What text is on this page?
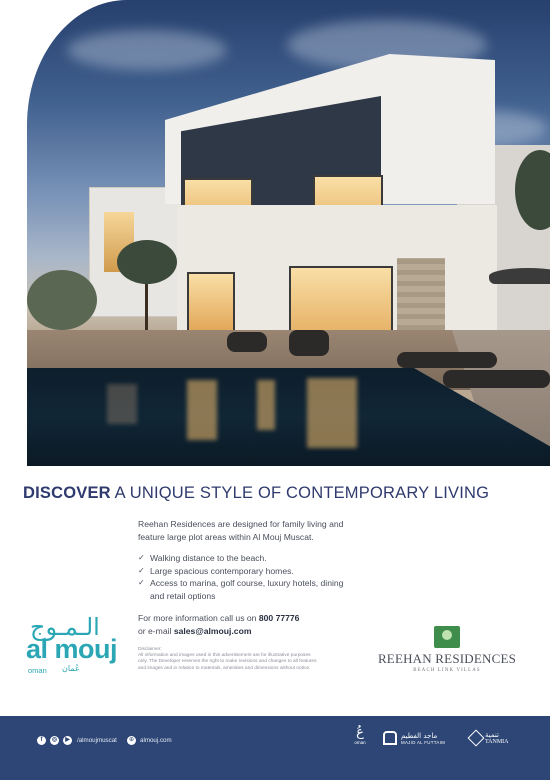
DISCOVER A UNIQUE STYLE OF CONTEMPORARY LIVING
Reehan Residences are designed for family living and
feature large plot areas within Al Mouj Muscat.
✓ Walking distance to the beach.
✓ Large spacious contemporary homes.
✓ Access to marina, golf course, luxury hotels, dining
and retail options
For more information call us on 800 77776
or e-mail sales@almouj.com
Disclaimer:
All information and images used in this advertisement are for illustrative purposes
only. The Developer reserves the right to make revisions and changes to all features
and images and in relation to materials, amenities and dimensions without notice.
الـمـوج
al mouj
oman عُمان
REEHAN RESIDENCES
BEACH LINK VILLAS
f	◎	▶	/almoujmuscat	⊕ almouj.com
عُ
oman
ماجد الفطيم
MAJID AL FUTTAIM
تنمية
TANMIA
